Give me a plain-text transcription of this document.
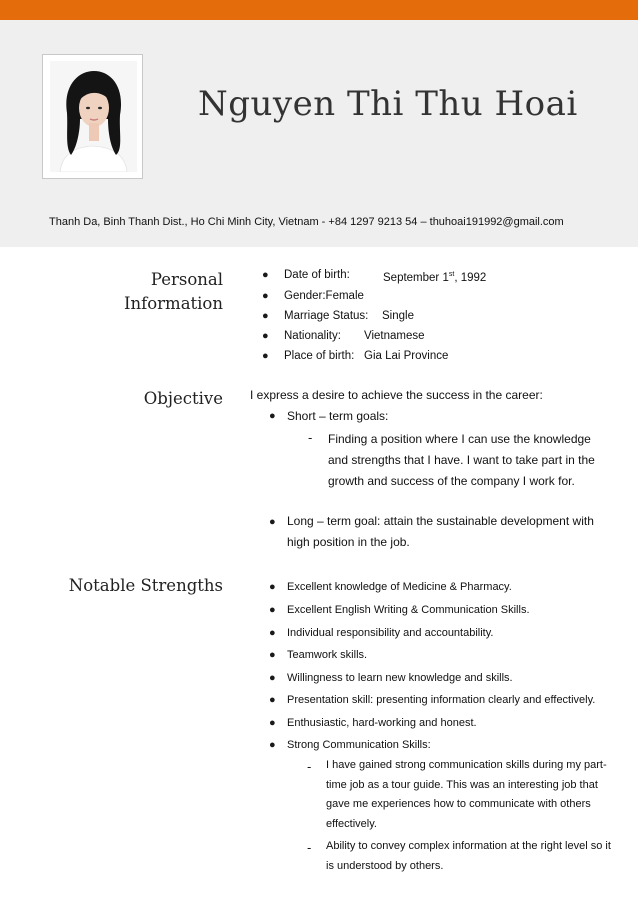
Nguyen Thi Thu Hoai
Thanh Da, Binh Thanh Dist., Ho Chi Minh City, Vietnam - +84 1297 9213 54 – thuhoai191992@gmail.com
Personal
Information
● Date of birth:	September 1st, 1992
● Gender:Female
● Marriage Status: Single
● Nationality: Vietnamese
● Place of birth: Gia Lai Province
Objective I express a desire to achieve the success in the career:
● Short – term goals:
- Finding a position where I can use the knowledge and strengths that I have. I want to take part in the growth and success of the company I work for.
● Long – term goal: attain the sustainable development with high position in the job.
Notable Strengths	● Excellent knowledge of Medicine & Pharmacy.
● Excellent English Writing & Communication Skills.
● Individual responsibility and accountability.
● Teamwork skills.
● Willingness to learn new knowledge and skills.
● Presentation skill: presenting information clearly and effectively.
● Enthusiastic, hard-working and honest.
● Strong Communication Skills:
- I have gained strong communication skills during my part-time job as a tour guide. This was an interesting job that gave me experiences how to communicate with others effectively.
- Ability to convey complex information at the right level so it is understood by others.
